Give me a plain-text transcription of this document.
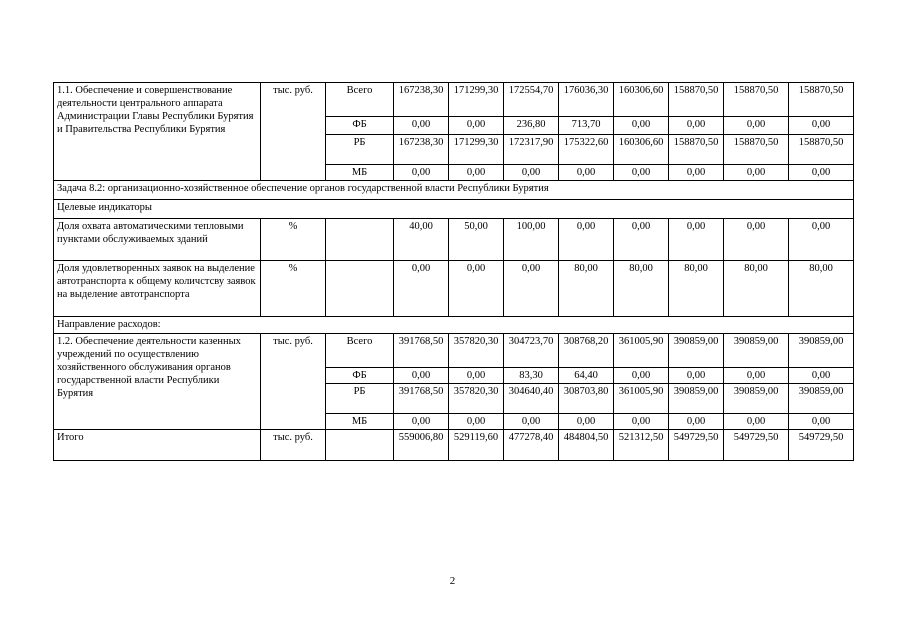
1.1. Обеспечение и совершенствование деятельности центрального аппарата Администрации Главы Республики Бурятия и Правительства Республики Бурятия	тыс. руб.	Всего	167238,30	171299,30	172554,70	176036,30	160306,60	158870,50	158870,50	158870,50
		ФБ	0,00	0,00	236,80	713,70	0,00	0,00	0,00	0,00
		РБ	167238,30	171299,30	172317,90	175322,60	160306,60	158870,50	158870,50	158870,50
		МБ	0,00	0,00	0,00	0,00	0,00	0,00	0,00	0,00
Задача 8.2: организационно-хозяйственное обеспечение органов государственной власти Республики Бурятия										
Целевые индикаторы										
Доля охвата автоматическими тепловыми пунктами обслуживаемых зданий	%		40,00	50,00	100,00	0,00	0,00	0,00	0,00	0,00
Доля удовлетворенных заявок на выделение автотранспорта к общему количстсву заявок на выделение автотранспорта	%		0,00	0,00	0,00	80,00	80,00	80,00	80,00	80,00
Направление расходов:										
1.2. Обеспечение деятельности казенных учреждений по осуществлению хозяйственного обслуживания органов государственной власти Республики Бурятия	тыс. руб.	Всего	391768,50	357820,30	304723,70	308768,20	361005,90	390859,00	390859,00	390859,00
		ФБ	0,00	0,00	83,30	64,40	0,00	0,00	0,00	0,00
		РБ	391768,50	357820,30	304640,40	308703,80	361005,90	390859,00	390859,00	390859,00
		МБ	0,00	0,00	0,00	0,00	0,00	0,00	0,00	0,00
Итого	тыс. руб.		559006,80	529119,60	477278,40	484804,50	521312,50	549729,50	549729,50	549729,50
2
